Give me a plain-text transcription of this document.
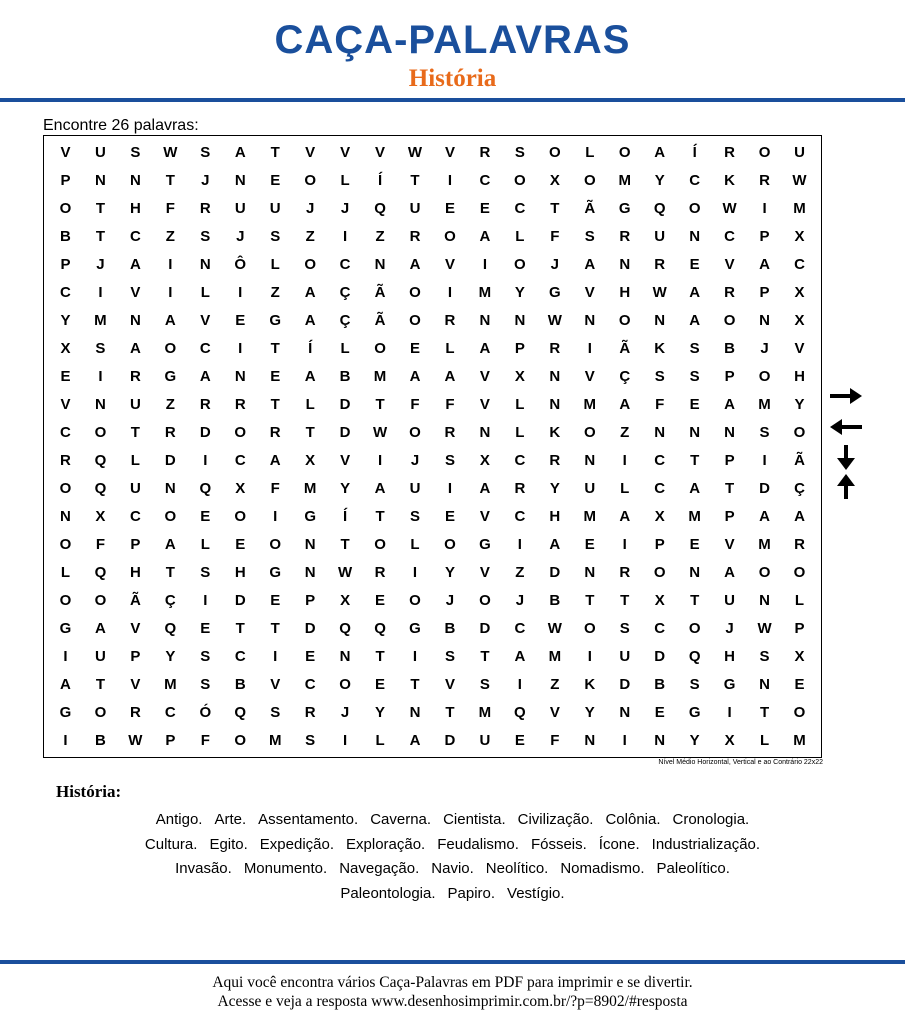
CAÇA-PALAVRAS
História
Encontre 26 palavras:
V	U	S	W	S	A	T	V	V	V	W	V	R	S	O	L	O	A	Í	R	O	U
P	N	N	T	J	N	E	O	L	Í	T	I	C	O	X	O	M	Y	C	K	R	W
O	T	H	F	R	U	U	J	J	Q	U	E	E	C	T	Ã	G	Q	O	W	I	M
B	T	C	Z	S	J	S	Z	I	Z	R	O	A	L	F	S	R	U	N	C	P	X
P	J	A	I	N	Ô	L	O	C	N	A	V	I	O	J	A	N	R	E	V	A	C
C	I	V	I	L	I	Z	A	Ç	Ã	O	I	M	Y	G	V	H	W	A	R	P	X
Y	M	N	A	V	E	G	A	Ç	Ã	O	R	N	N	W	N	O	N	A	O	N	X
X	S	A	O	C	I	T	Í	L	O	E	L	A	P	R	I	Ã	K	S	B	J	V
E	I	R	G	A	N	E	A	B	M	A	A	V	X	N	V	Ç	S	S	P	O	H
V	N	U	Z	R	R	T	L	D	T	F	F	V	L	N	M	A	F	E	A	M	Y
C	O	T	R	D	O	R	T	D	W	O	R	N	L	K	O	Z	N	N	N	S	O
R	Q	L	D	I	C	A	X	V	I	J	S	X	C	R	N	I	C	T	P	I	Ã
O	Q	U	N	Q	X	F	M	Y	A	U	I	A	R	Y	U	L	C	A	T	D	Ç
N	X	C	O	E	O	I	G	Í	T	S	E	V	C	H	M	A	X	M	P	A	A
O	F	P	A	L	E	O	N	T	O	L	O	G	I	A	E	I	P	E	V	M	R
L	Q	H	T	S	H	G	N	W	R	I	Y	V	Z	D	N	R	O	N	A	O	O
O	O	Ã	Ç	I	D	E	P	X	E	O	J	O	J	B	T	T	X	T	U	N	L
G	A	V	Q	E	T	T	D	Q	Q	G	B	D	C	W	O	S	C	O	J	W	P
I	U	P	Y	S	C	I	E	N	T	I	S	T	A	M	I	U	D	Q	H	S	X
A	T	V	M	S	B	V	C	O	E	T	V	S	I	Z	K	D	B	S	G	N	E
G	O	R	C	Ó	Q	S	R	J	Y	N	T	M	Q	V	Y	N	E	G	I	T	O
I	B	W	P	F	O	M	S	I	L	A	D	U	E	F	N	I	N	Y	X	L	M
Nível Médio Horizontal, Vertical e ao Contrário 22x22
História:
Antigo. Arte. Assentamento. Caverna. Cientista. Civilização. Colônia. Cronologia.
Cultura. Egito. Expedição. Exploração. Feudalismo. Fósseis. Ícone. Industrialização.
Invasão. Monumento. Navegação. Navio. Neolítico. Nomadismo. Paleolítico.
Paleontologia. Papiro. Vestígio.
Aqui você encontra vários Caça-Palavras em PDF para imprimir e se divertir.
Acesse e veja a resposta www.desenhosimprimir.com.br/?p=8902/#resposta
